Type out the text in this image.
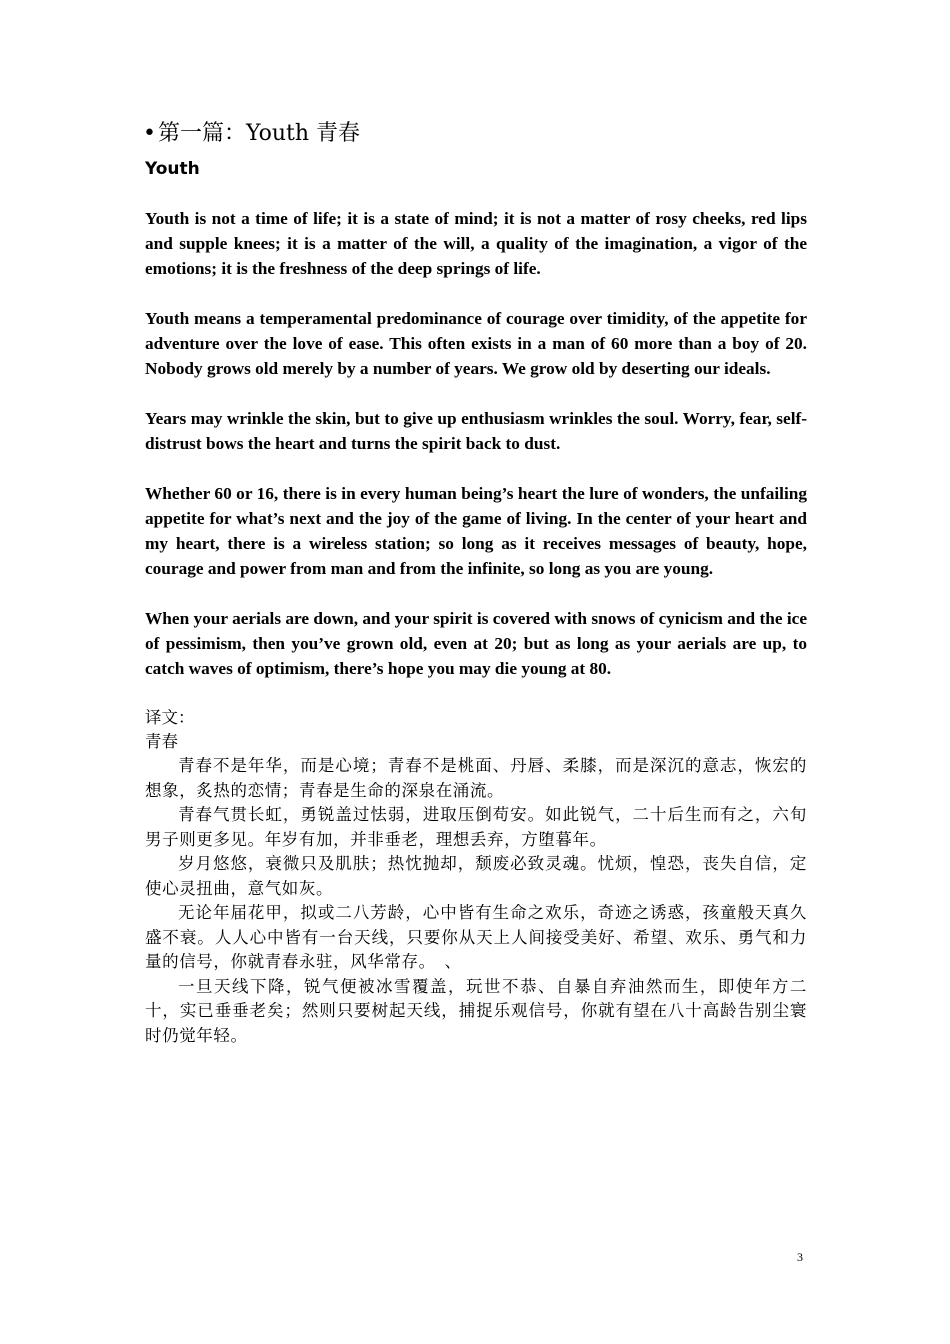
•第一篇：Youth 青春
Youth

Youth is not a time of life; it is a state of mind; it is not a matter of rosy cheeks, red lips and supple knees; it is a matter of the will, a quality of the imagination, a vigor of the emotions; it is the freshness of the deep springs of life.

Youth means a temperamental predominance of courage over timidity, of the appetite for adventure over the love of ease. This often exists in a man of 60 more than a boy of 20. Nobody grows old merely by a number of years. We grow old by deserting our ideals.

Years may wrinkle the skin, but to give up enthusiasm wrinkles the soul. Worry, fear, self-distrust bows the heart and turns the spirit back to dust.

Whether 60 or 16, there is in every human being’s heart the lure of wonders, the unfailing appetite for what’s next and the joy of the game of living. In the center of your heart and my heart, there is a wireless station; so long as it receives messages of beauty, hope, courage and power from man and from the infinite, so long as you are young.

When your aerials are down, and your spirit is covered with snows of cynicism and the ice of pessimism, then you’ve grown old, even at 20; but as long as your aerials are up, to catch waves of optimism, there’s hope you may die young at 80.

译文：
青春

青春不是年华，而是心境；青春不是桃面、丹唇、柔膝，而是深沉的意志，恢宏的想象，炙热的恋情；青春是生命的深泉在涌流。

青春气贯长虹，勇锐盖过怯弱，进取压倒苟安。如此锐气，二十后生而有之，六旬男子则更多见。年岁有加，并非垂老，理想丢弃，方堕暮年。

岁月悠悠，衰微只及肌肤；热忱抛却，颓废必致灵魂。忧烦，惶恐，丧失自信，定使心灵扭曲，意气如灰。

无论年届花甲，拟或二八芳龄，心中皆有生命之欢乐，奇迹之诱惑，孩童般天真久盛不衰。人人心中皆有一台天线，只要你从天上人间接受美好、希望、欢乐、勇气和力量的信号，你就青春永驻，风华常存。　、

一旦天线下降，锐气便被冰雪覆盖，玩世不恭、自暴自弃油然而生，即使年方二十，实已垂垂老矣；然则只要树起天线，捕捉乐观信号，你就有望在八十高龄告别尘寰时仍觉年轻。

3
